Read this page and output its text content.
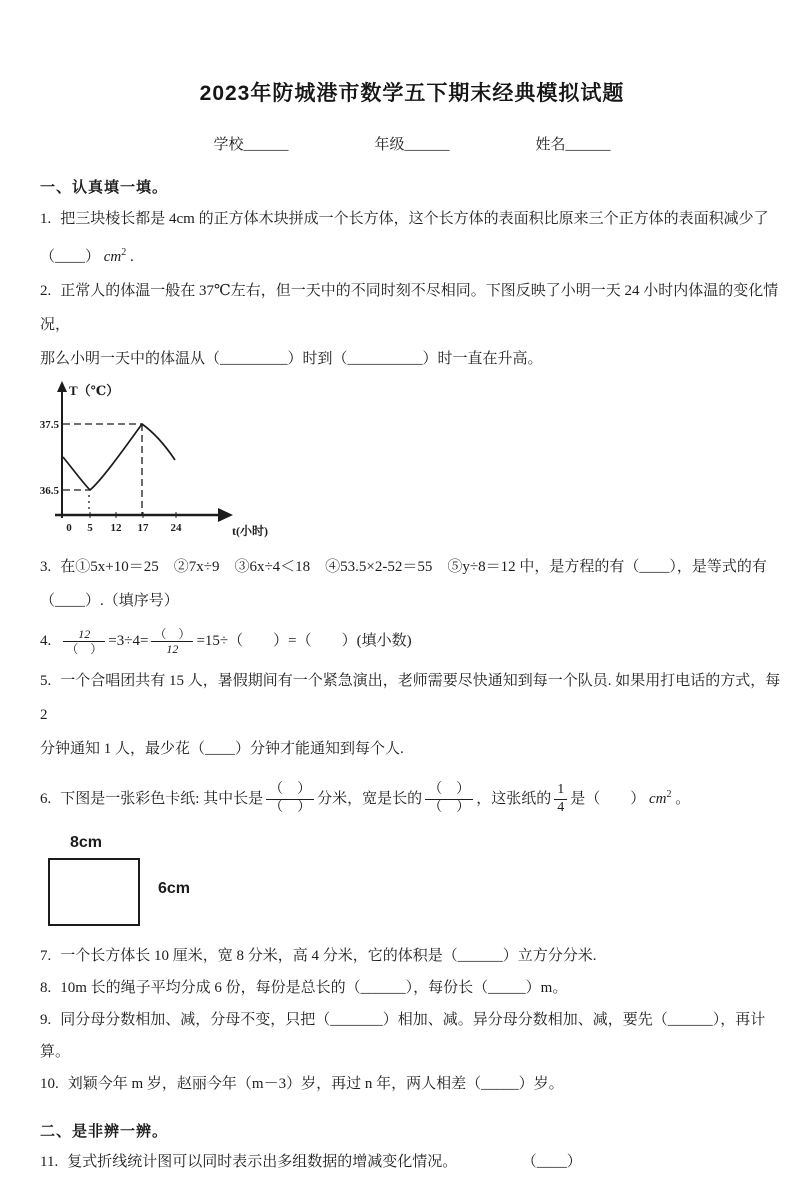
2023年防城港市数学五下期末经典模拟试题
学校______	年级______	姓名______

一、认真填一填。

1. 把三块棱长都是 4cm 的正方体木块拼成一个长方体，这个长方体的表面积比原来三个正方体的表面积减少了
（____） $cm^2$ .

2. 正常人的体温一般在 37℃左右，但一天中的不同时刻不尽相同。下图反映了小明一天 24 小时内体温的变化情况，
那么小明一天中的体温从（_________）时到（__________）时一直在升高。

T（℃）
t(小时)
37.5
36.5
0 5 12 17 24

3. 在①5x+10＝25　②7x÷9　③6x÷4＜18　④53.5×2-52＝55　⑤y÷8＝12 中，是方程的有（____），是等式的有
（____）.（填序号）

4. $\frac{12}{( )} =3\div 4= \frac{( )}{12} =15\div$（　　）=（　　）(填小数)

5. 一个合唱团共有 15 人，暑假期间有一个紧急演出，老师需要尽快通知到每一个队员. 如果用打电话的方式，每 2
分钟通知 1 人，最少花（____）分钟才能通知到每个人.

6. 下图是一张彩色卡纸: 其中长是 $\frac{( )}{( )}$ 分米，宽是长的 $\frac{( )}{( )}$ ，这张纸的 $\frac{1}{4}$ 是（　　） $cm^2$ 。

8cm
6cm

7. 一个长方体长 10 厘米，宽 8 分米，高 4 分米，它的体积是（______）立方分分米.

8. 10m 长的绳子平均分成 6 份，每份是总长的（______），每份长（_____）m。

9. 同分母分数相加、减，分母不变，只把（_______）相加、减。异分母分数相加、减，要先（______），再计算。

10. 刘颖今年 m 岁，赵丽今年（m－3）岁，再过 n 年，两人相差（_____）岁。

二、是非辨一辨。

11. 复式折线统计图可以同时表示出多组数据的增减变化情况。	（____）
